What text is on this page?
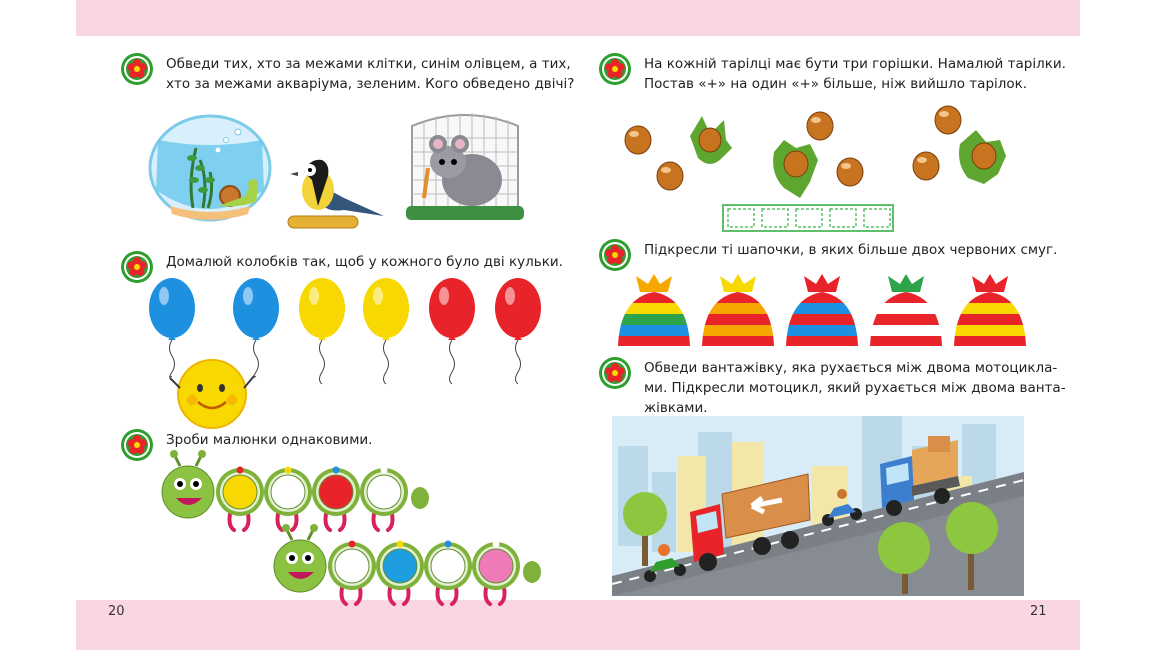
20	21
Обведи тих, хто за межами клітки, синім олівцем, а тих,
хто за межами акваріума, зеленим. Кого обведено двічі?
Домалюй колобків так, щоб у кожного було дві кульки.
Зроби малюнки однаковими.
На кожній тарілці має бути три горішки. Намалюй тарілки.
Постав «+» на один «+» більше, ніж вийшло тарілок.
Підкресли ті шапочки, в яких більше двох червоних смуг.
Обведи вантажівку, яка рухається між двома мотоцикла-
ми. Підкресли мотоцикл, який рухається між двома ванта-
жівками.
